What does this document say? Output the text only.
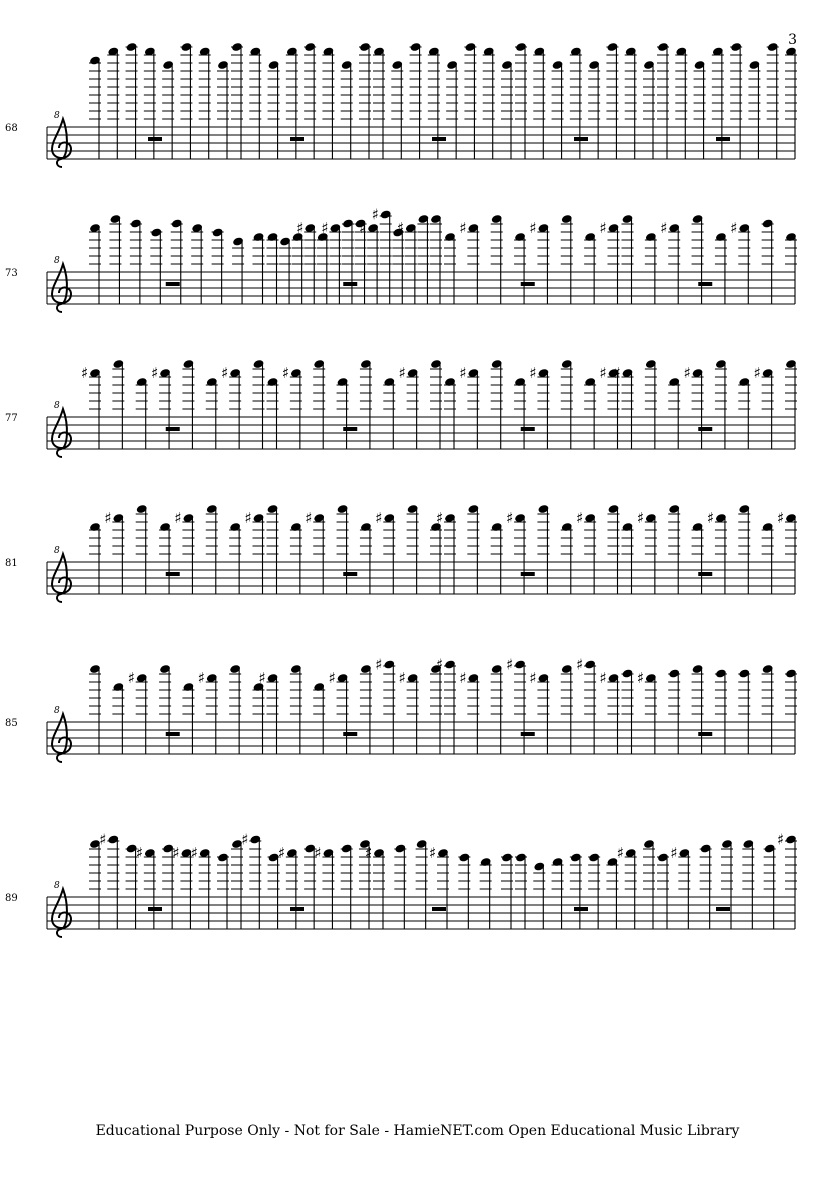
3
8
68
8
73
♯ ♯ ♯
♯
♯	♯	♯	♯	♯	♯
8
77
♯	♯	♯	♯	♯	♯	♯	♯ ♯	♯	♯
8
81
♯	♯	♯	♯	♯	♯	♯	♯	♯	♯	♯
8
85
♯	♯	♯	♯
♯
♯
♯
♯
♯
♯
♯
♯ ♯
8
89
♯
♯ ♯ ♯
♯
♯ ♯	♯	♯	♯	♯
♯
Educational Purpose Only - Not for Sale - HamieNET.com Open Educational Music Library
